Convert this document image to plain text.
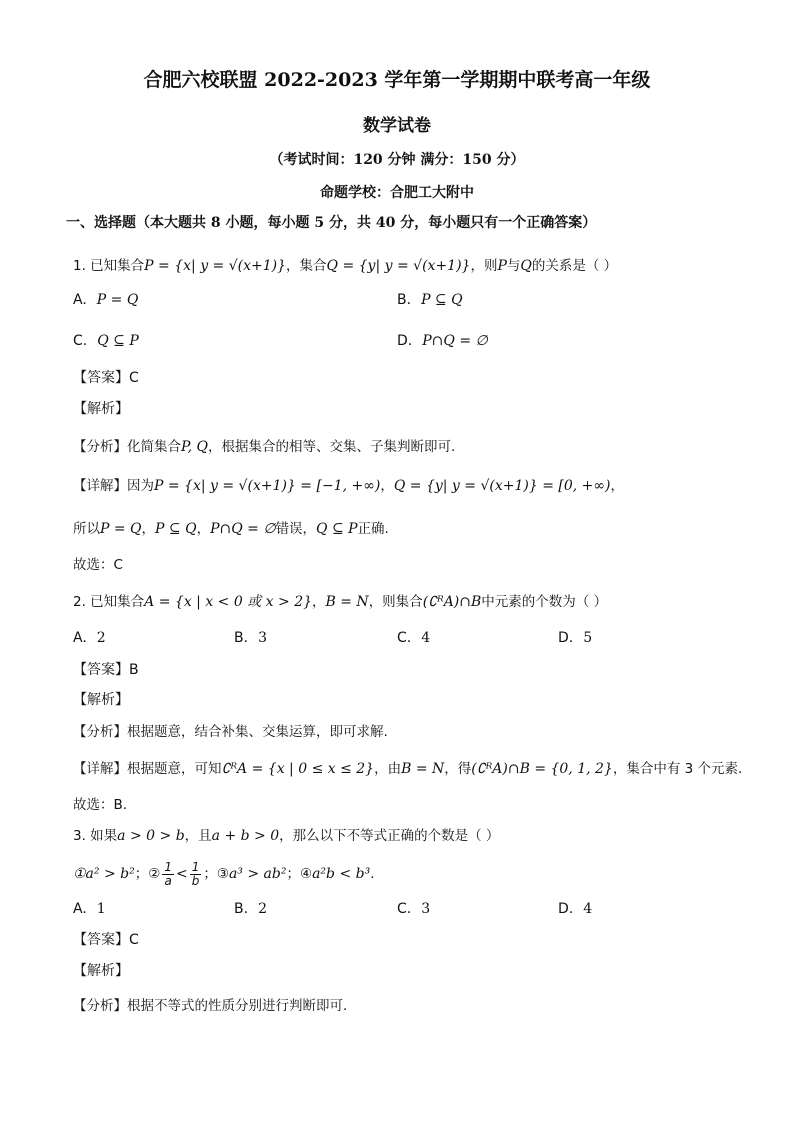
合肥六校联盟 2022-2023 学年第一学期期中联考高一年级
数学试卷
（考试时间：120 分钟 满分：150 分）
命题学校：合肥工大附中
一、选择题（本大题共 8 小题，每小题 5 分，共 40 分，每小题只有一个正确答案）
1. 已知集合P = {x| y = √(x+1)}，集合Q = {y| y = √(x+1)}，则P与Q的关系是（ ）
A. P = Q	B. P ⊆ Q
C. Q ⊆ P	D. P∩Q = ∅
【答案】C
【解析】
【分析】化简集合P, Q，根据集合的相等、交集、子集判断即可.
【详解】因为P = {x| y = √(x+1)} = [−1, +∞)，Q = {y| y = √(x+1)} = [0, +∞)，
所以P = Q，P ⊆ Q，P∩Q = ∅错误，Q ⊆ P正确.
故选：C
2. 已知集合A = {x | x < 0 或 x > 2}，B = N，则集合(∁ᴿA)∩B中元素的个数为（ ）
A. 2	B. 3	C. 4	D. 5
【答案】B
【解析】
【分析】根据题意，结合补集、交集运算，即可求解.
【详解】根据题意，可知∁ᴿA = {x | 0 ≤ x ≤ 2}，由B = N，得(∁ᴿA)∩B = {0, 1, 2}，集合中有 3 个元素.
故选：B.
3. 如果a > 0 > b，且a + b > 0，那么以下不等式正确的个数是（ ）
①a² > b²；② $\frac{1}{a} < \frac{1}{b}$ ；③a³ > ab²；④a²b < b³.
A. 1	B. 2	C. 3	D. 4
【答案】C
【解析】
【分析】根据不等式的性质分别进行判断即可．
